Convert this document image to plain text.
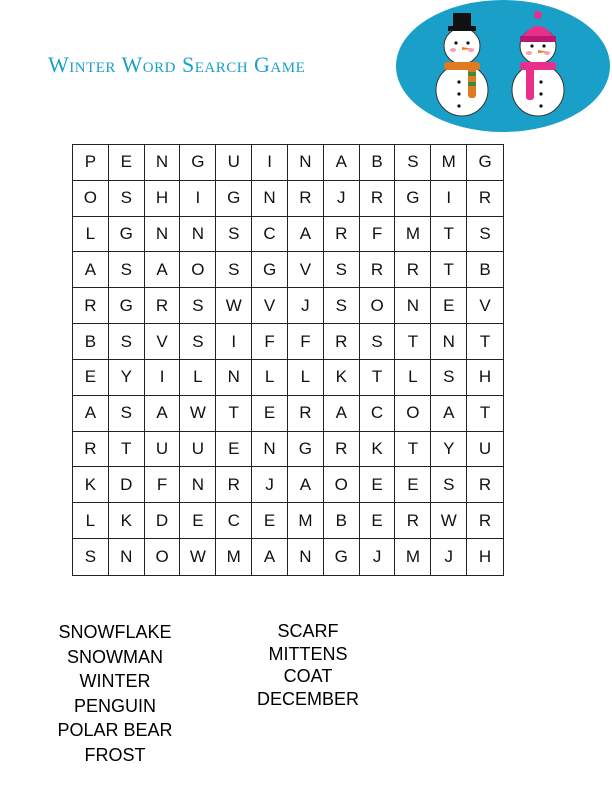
Winter Word Search Game
P	E	N	G	U	I	N	A	B	S	M	G
O	S	H	I	G	N	R	J	R	G	I	R
L	G	N	N	S	C	A	R	F	M	T	S
A	S	A	O	S	G	V	S	R	R	T	B
R	G	R	S	W	V	J	S	O	N	E	V
B	S	V	S	I	F	F	R	S	T	N	T
E	Y	I	L	N	L	L	K	T	L	S	H
A	S	A	W	T	E	R	A	C	O	A	T
R	T	U	U	E	N	G	R	K	T	Y	U
K	D	F	N	R	J	A	O	E	E	S	R
L	K	D	E	C	E	M	B	E	R	W	R
S	N	O	W	M	A	N	G	J	M	J	H
SNOWFLAKE
SNOWMAN
WINTER
PENGUIN
POLAR BEAR
FROST
SCARF
MITTENS
COAT
DECEMBER
